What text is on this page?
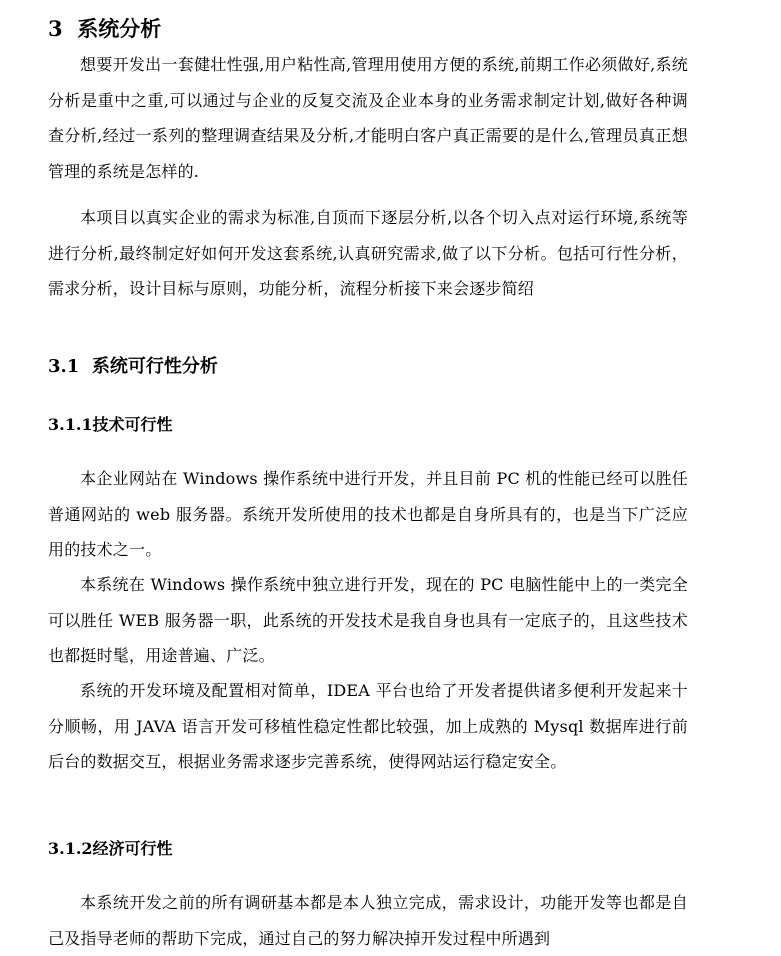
3 系统分析

想要开发出一套健壮性强,用户粘性高,管理用使用方便的系统,前期工作必须做好,系统分析是重中之重,可以通过与企业的反复交流及企业本身的业务需求制定计划,做好各种调查分析,经过一系列的整理调查结果及分析,才能明白客户真正需要的是什么,管理员真正想管理的系统是怎样的.

本项目以真实企业的需求为标准,自顶而下逐层分析,以各个切入点对运行环境,系统等进行分析,最终制定好如何开发这套系统,认真研究需求,做了以下分析。包括可行性分析，需求分析，设计目标与原则，功能分析，流程分析接下来会逐步简绍

3.1 系统可行性分析
3.1.1技术可行性

本企业网站在 Windows 操作系统中进行开发，并且目前 PC 机的性能已经可以胜任普通网站的 web 服务器。系统开发所使用的技术也都是自身所具有的，也是当下广泛应用的技术之一。

本系统在 Windows 操作系统中独立进行开发，现在的 PC 电脑性能中上的一类完全可以胜任 WEB 服务器一职，此系统的开发技术是我自身也具有一定底子的，且这些技术也都挺时髦，用途普遍、广泛。

系统的开发环境及配置相对简单，IDEA 平台也给了开发者提供诸多便利开发起来十分顺畅，用 JAVA 语言开发可移植性稳定性都比较强，加上成熟的 Mysql 数据库进行前后台的数据交互，根据业务需求逐步完善系统，使得网站运行稳定安全。

3.1.2经济可行性

本系统开发之前的所有调研基本都是本人独立完成，需求设计，功能开发等也都是自己及指导老师的帮助下完成，通过自己的努力解决掉开发过程中所遇到
